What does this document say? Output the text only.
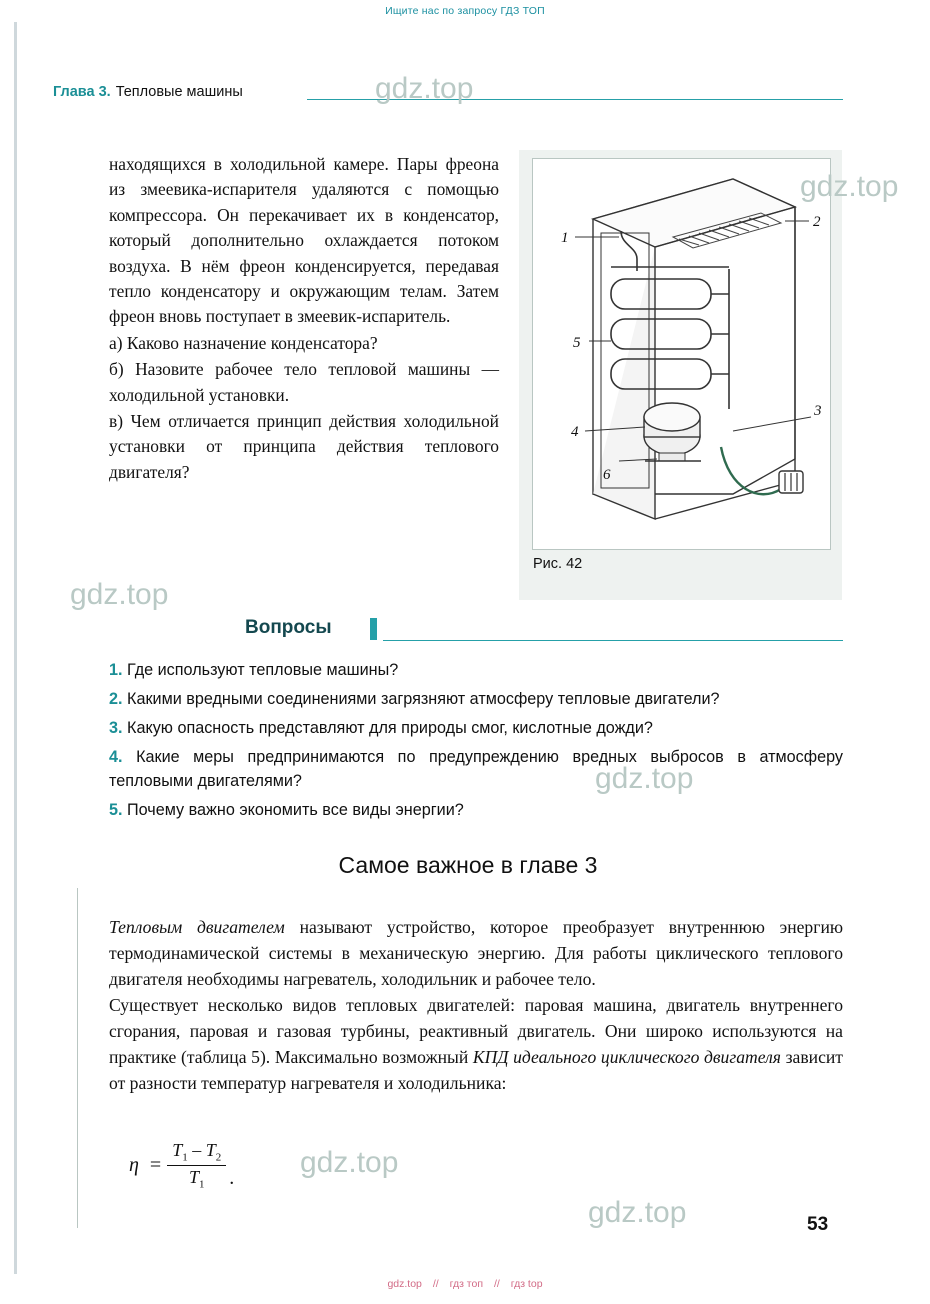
Ищите нас по запросу ГДЗ ТОП
Глава 3. Тепловые машины

находящихся в холодильной камере. Пары фреона из змеевика-испарителя удаляются с помощью компрессора. Он перекачивает их в конденсатор, который дополнительно охлаждается потоком воздуха. В нём фреон конденсируется, передавая тепло конденсатору и окружающим телам. Затем фреон вновь поступает в змеевик-испаритель.

а) Каково назначение конденсатора?

б) Назовите рабочее тело тепловой машины — холодильной установки.

в) Чем отличается принцип действия холодильной установки от принципа действия теплового двигателя?

1
2
3
4
5
6
Рис. 42
Вопросы

1. Где используют тепловые машины?

2. Какими вредными соединениями загрязняют атмосферу тепловые двигатели?

3. Какую опасность представляют для природы смог, кислотные дожди?

4. Какие меры предпринимаются по предупреждению вредных выбросов в атмосферу тепловыми двигателями?

5. Почему важно экономить все виды энергии?

Самое важное в главе 3

Тепловым двигателем называют устройство, которое преобразует внутреннюю энергию термодинамической системы в механическую энергию. Для работы циклического теплового двигателя необходимы нагреватель, холодильник и рабочее тело.

Существует несколько видов тепловых двигателей: паровая машина, двигатель внутреннего сгорания, паровая и газовая турбины, реактивный двигатель. Они широко используются на практике (таблица 5). Максимально возможный КПД идеального циклического двигателя зависит от разности температур нагревателя и холодильника:

$\eta = \frac{T_1 - T_2}{T_1}$ .
53
gdz.top
gdz.top
gdz.top
gdz.top
gdz.top
gdz.top
gdz.top // гдз топ // гдз top
